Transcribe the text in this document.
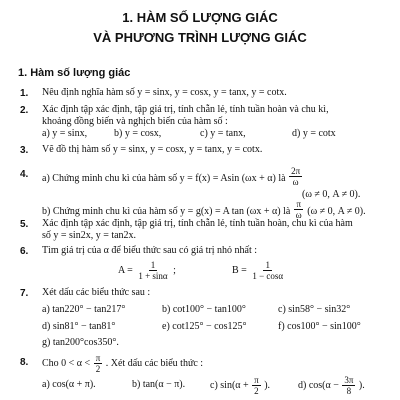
1. HÀM SỐ LƯỢNG GIÁC
VÀ PHƯƠNG TRÌNH LƯỢNG GIÁC
1. Hàm số lượng giác
1. Nêu định nghĩa hàm số y = sinx, y = cosx, y = tanx, y = cotx.
2. Xác định tập xác định, tập giá trị, tính chẵn lẻ, tính tuần hoàn và chu kì,
khoảng đồng biến và nghịch biến của hàm số :
a) y = sinx,	b) y = cosx,	c) y = tanx,	d) y = cotx
3. Vẽ đồ thị hàm số y = sinx, y = cosx, y = tanx, y = cotx.
4. a) Chứng minh chu kì của hàm số y = f(x) = Asin (ωx + α) là $\frac{2\pi}{\omega}$
(ω ≠ 0, A ≠ 0).
b) Chứng minh chu kì của hàm số y = g(x) = A tan (ωx + α) là $\frac{\pi}{\omega} (\omega \ne 0$, A ≠ 0).
5. Xác định tập xác định, tập giá trị, tính chẵn lẻ, tính tuần hoàn, chu kì của hàm
số y = sin2x, y = tan2x.
6. Tìm giá trị của α để biểu thức sau có giá trị nhỏ nhất :
$A = \frac{1}{1 + \sin\alpha}$ ;	$B = \frac{1}{1 - \cos\alpha}$
7. Xét dấu các biểu thức sau :
a) tan220° − tan217°	b) cot100° − tan100°	c) sin58° − sin32°
d) sin81° − tan81°	e) cot125° − cos125°	f) cos100° − sin100°
g) tan200°cos350°.
8. Cho $0 < \alpha < \frac{\pi}{2}$ . Xét dấu các biểu thức :
a) cos(α + π).	b) tan(α − π). c) $\sin(\alpha + \frac{\pi}{2}$ ).	d) $\cos(\alpha - \frac{3\pi}{8}$ ).
